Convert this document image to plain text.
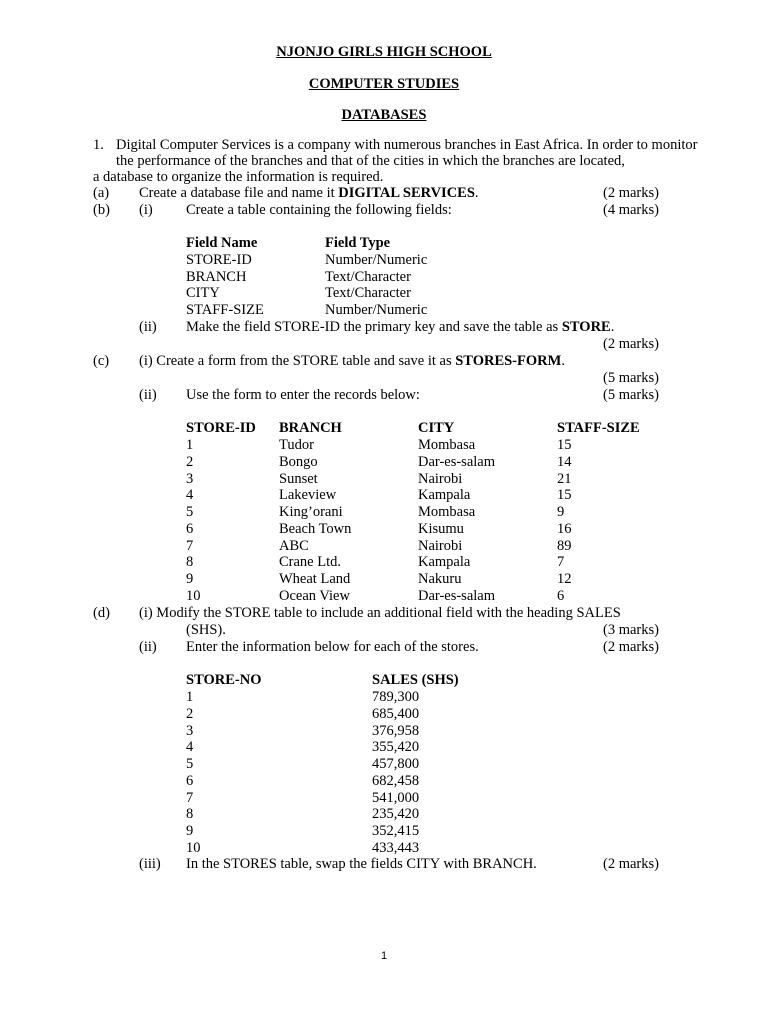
NJONJO GIRLS HIGH SCHOOL
COMPUTER STUDIES
DATABASES
1. Digital Computer Services is a company with numerous branches in East Africa. In order to monitor
the performance of the branches and that of the cities in which the branches are located,
a database to organize the information is required.
(a) Create a database file and name it DIGITAL SERVICES.	(2 marks)
(b) (i) Create a table containing the following fields:	(4 marks)
Field Name	Field Type
STORE-ID	Number/Numeric
BRANCH	Text/Character
CITY	Text/Character
STAFF-SIZE	Number/Numeric
(ii) Make the field STORE-ID the primary key and save the table as STORE.
(2 marks)
(c) (i) Create a form from the STORE table and save it as STORES-FORM.
(5 marks)
(ii) Use the form to enter the records below:	(5 marks)
STORE-ID BRANCH	CITY	STAFF-SIZE
1	Tudor	Mombasa	15
2	Bongo	Dar-es-salam	14
3	Sunset	Nairobi	21
4	Lakeview	Kampala	15
5	King’orani	Mombasa	9
6	Beach Town	Kisumu	16
7	ABC	Nairobi	89
8	Crane Ltd.	Kampala	7
9	Wheat Land	Nakuru	12
10	Ocean View	Dar-es-salam	6
(d) (i) Modify the STORE table to include an additional field with the heading SALES
(SHS).	(3 marks)
(ii) Enter the information below for each of the stores.	(2 marks)
STORE-NO	SALES (SHS)
1	789,300
2	685,400
3	376,958
4	355,420
5	457,800
6	682,458
7	541,000
8	235,420
9	352,415
10	433,443
(iii) In the STORES table, swap the fields CITY with BRANCH.	(2 marks)
1
